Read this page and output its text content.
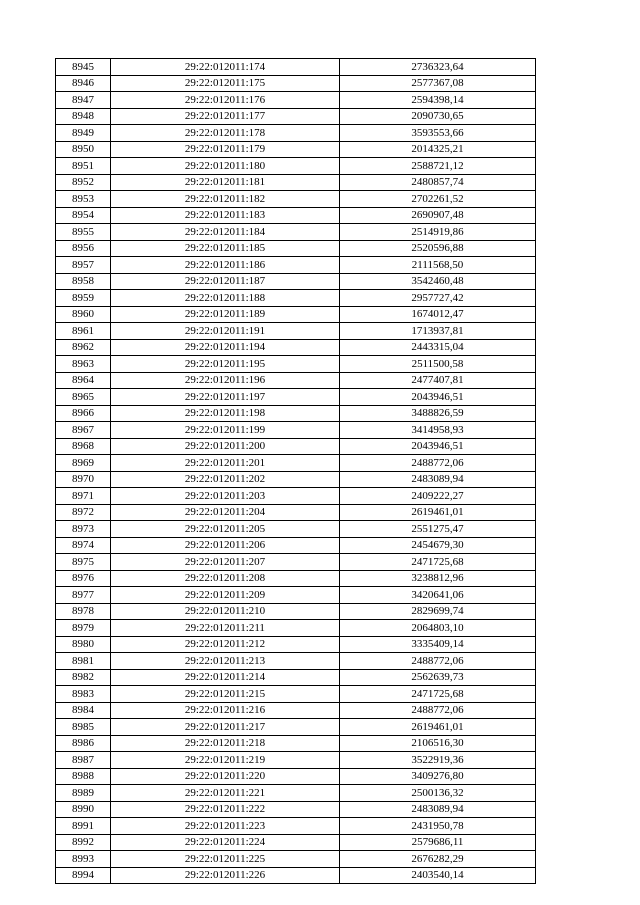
8945	29:22:012011:174	2736323,64
8946	29:22:012011:175	2577367,08
8947	29:22:012011:176	2594398,14
8948	29:22:012011:177	2090730,65
8949	29:22:012011:178	3593553,66
8950	29:22:012011:179	2014325,21
8951	29:22:012011:180	2588721,12
8952	29:22:012011:181	2480857,74
8953	29:22:012011:182	2702261,52
8954	29:22:012011:183	2690907,48
8955	29:22:012011:184	2514919,86
8956	29:22:012011:185	2520596,88
8957	29:22:012011:186	2111568,50
8958	29:22:012011:187	3542460,48
8959	29:22:012011:188	2957727,42
8960	29:22:012011:189	1674012,47
8961	29:22:012011:191	1713937,81
8962	29:22:012011:194	2443315,04
8963	29:22:012011:195	2511500,58
8964	29:22:012011:196	2477407,81
8965	29:22:012011:197	2043946,51
8966	29:22:012011:198	3488826,59
8967	29:22:012011:199	3414958,93
8968	29:22:012011:200	2043946,51
8969	29:22:012011:201	2488772,06
8970	29:22:012011:202	2483089,94
8971	29:22:012011:203	2409222,27
8972	29:22:012011:204	2619461,01
8973	29:22:012011:205	2551275,47
8974	29:22:012011:206	2454679,30
8975	29:22:012011:207	2471725,68
8976	29:22:012011:208	3238812,96
8977	29:22:012011:209	3420641,06
8978	29:22:012011:210	2829699,74
8979	29:22:012011:211	2064803,10
8980	29:22:012011:212	3335409,14
8981	29:22:012011:213	2488772,06
8982	29:22:012011:214	2562639,73
8983	29:22:012011:215	2471725,68
8984	29:22:012011:216	2488772,06
8985	29:22:012011:217	2619461,01
8986	29:22:012011:218	2106516,30
8987	29:22:012011:219	3522919,36
8988	29:22:012011:220	3409276,80
8989	29:22:012011:221	2500136,32
8990	29:22:012011:222	2483089,94
8991	29:22:012011:223	2431950,78
8992	29:22:012011:224	2579686,11
8993	29:22:012011:225	2676282,29
8994	29:22:012011:226	2403540,14
